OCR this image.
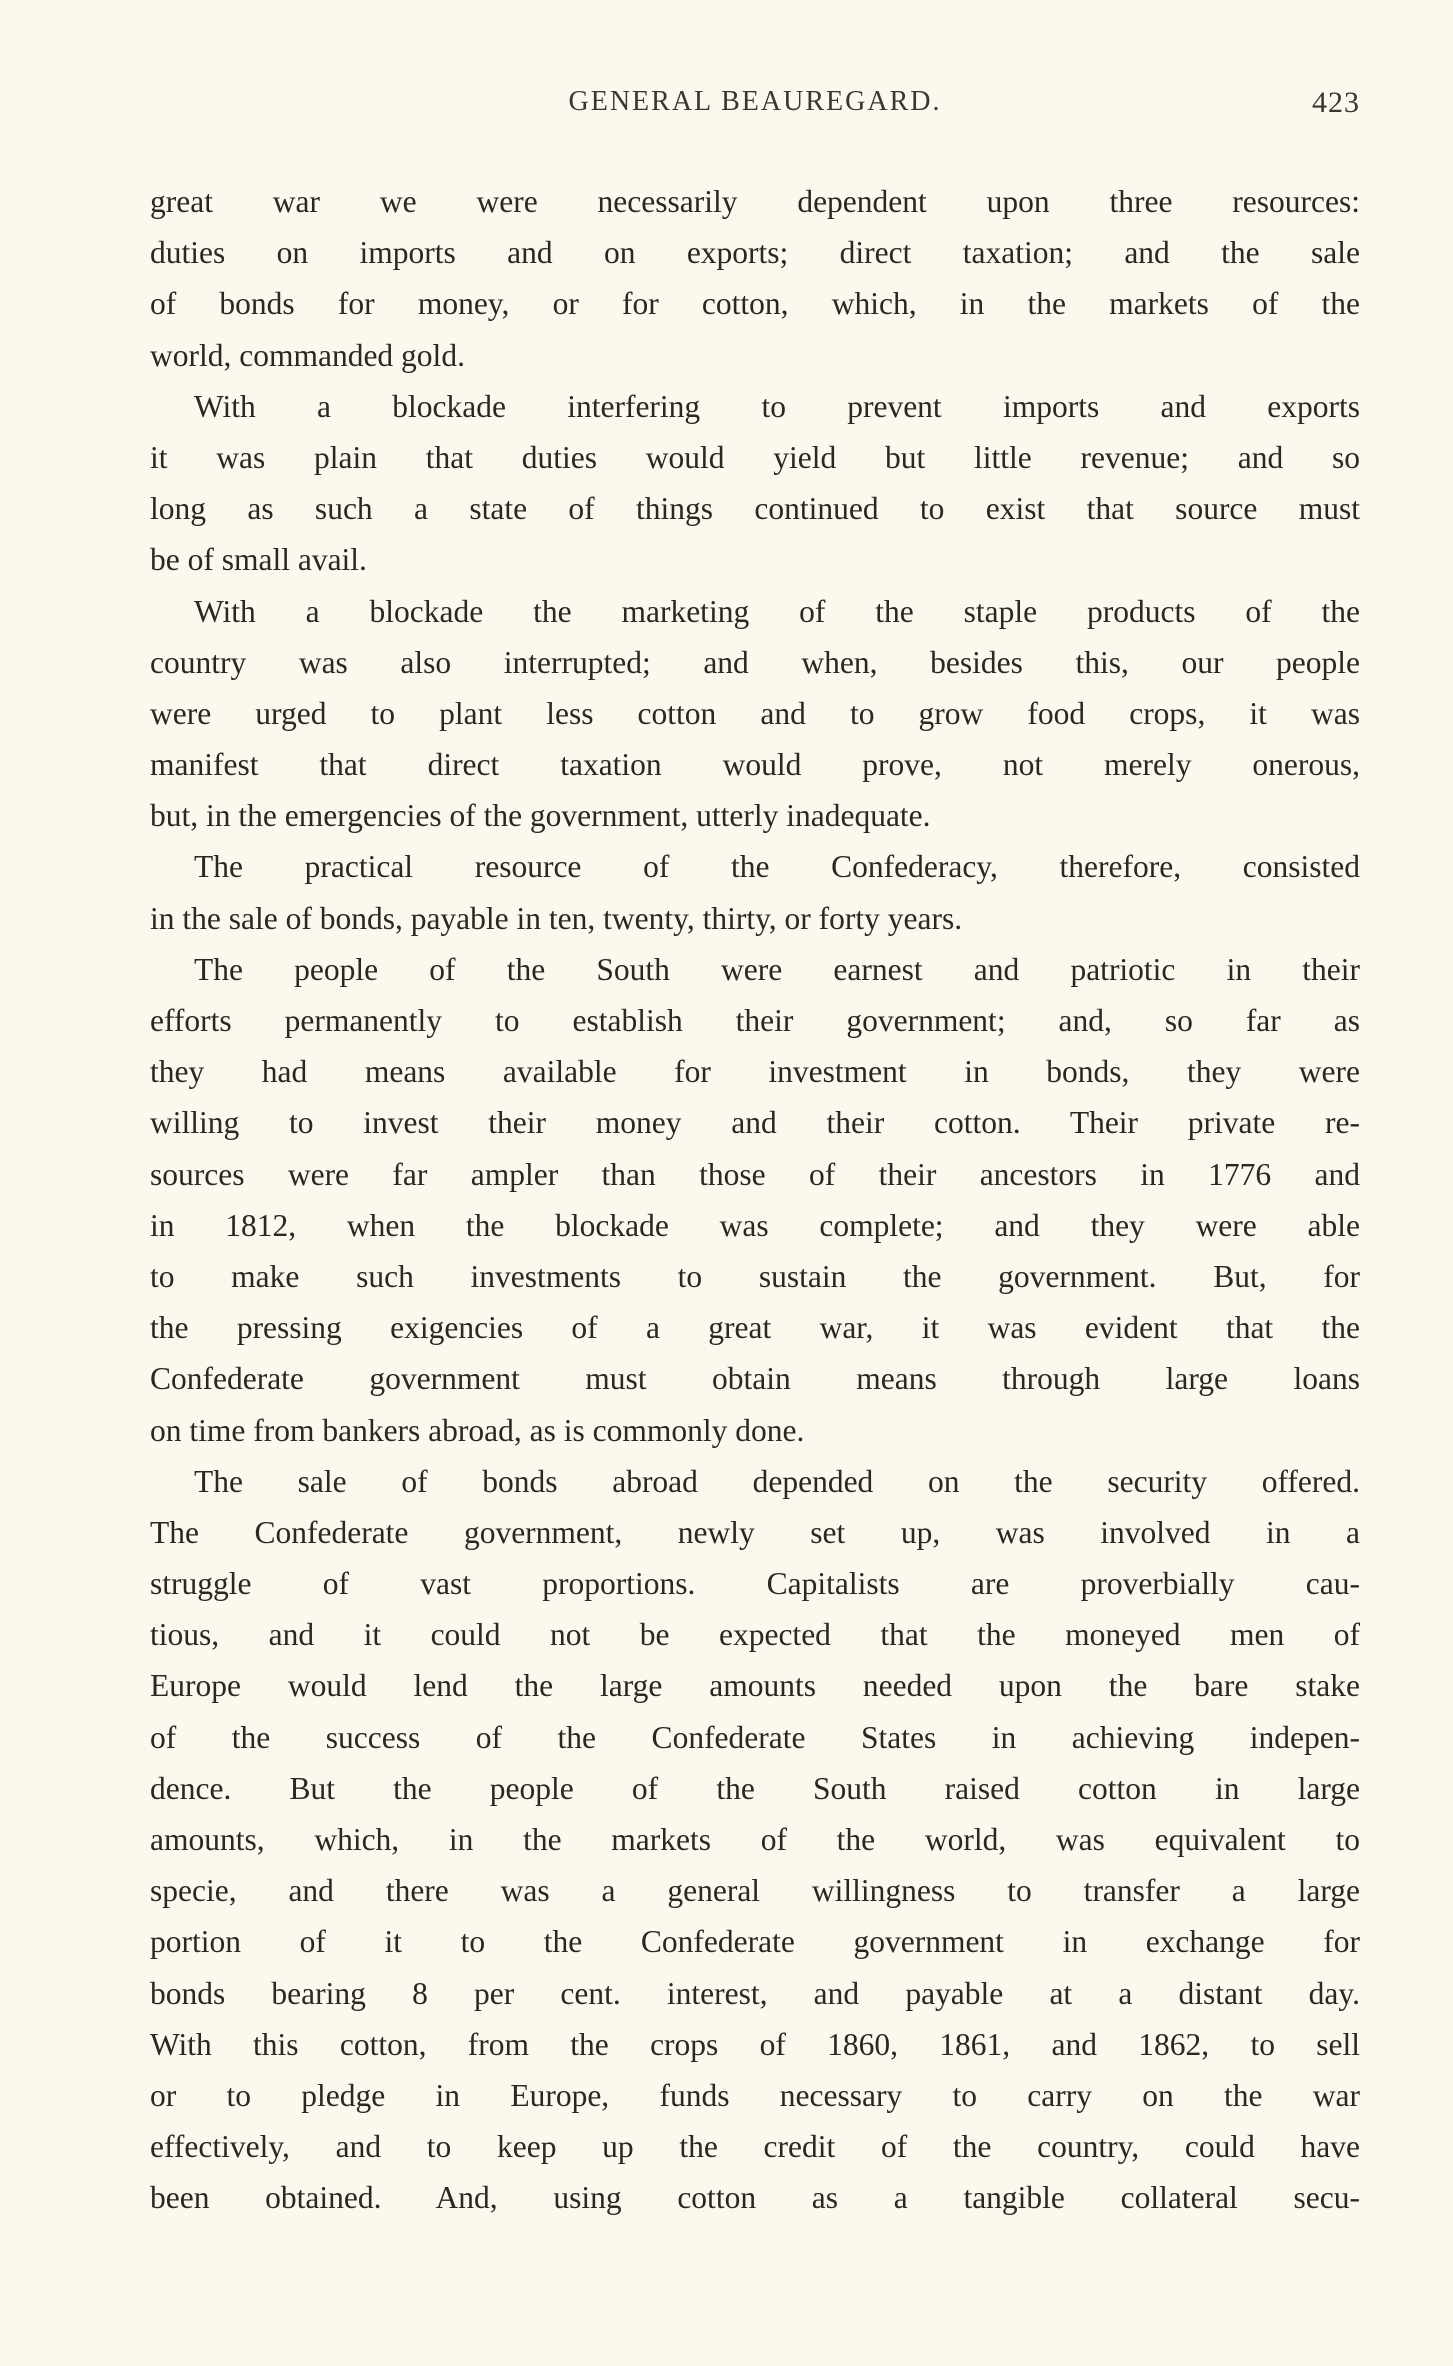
GENERAL BEAUREGARD.	423
great war we were necessarily dependent upon three resources:
duties on imports and on exports; direct taxation; and the sale
of bonds for money, or for cotton, which, in the markets of the
world, commanded gold.
With a blockade interfering to prevent imports and exports
it was plain that duties would yield but little revenue; and so
long as such a state of things continued to exist that source must
be of small avail.
With a blockade the marketing of the staple products of the
country was also interrupted; and when, besides this, our people
were urged to plant less cotton and to grow food crops, it was
manifest that direct taxation would prove, not merely onerous,
but, in the emergencies of the government, utterly inadequate.
The practical resource of the Confederacy, therefore, consisted
in the sale of bonds, payable in ten, twenty, thirty, or forty years.
The people of the South were earnest and patriotic in their
efforts permanently to establish their government; and, so far as
they had means available for investment in bonds, they were
willing to invest their money and their cotton. Their private re-
sources were far ampler than those of their ancestors in 1776 and
in 1812, when the blockade was complete; and they were able
to make such investments to sustain the government. But, for
the pressing exigencies of a great war, it was evident that the
Confederate government must obtain means through large loans
on time from bankers abroad, as is commonly done.
The sale of bonds abroad depended on the security offered.
The Confederate government, newly set up, was involved in a
struggle of vast proportions. Capitalists are proverbially cau-
tious, and it could not be expected that the moneyed men of
Europe would lend the large amounts needed upon the bare stake
of the success of the Confederate States in achieving indepen-
dence. But the people of the South raised cotton in large
amounts, which, in the markets of the world, was equivalent to
specie, and there was a general willingness to transfer a large
portion of it to the Confederate government in exchange for
bonds bearing 8 per cent. interest, and payable at a distant day.
With this cotton, from the crops of 1860, 1861, and 1862, to sell
or to pledge in Europe, funds necessary to carry on the war
effectively, and to keep up the credit of the country, could have
been obtained. And, using cotton as a tangible collateral secu-
